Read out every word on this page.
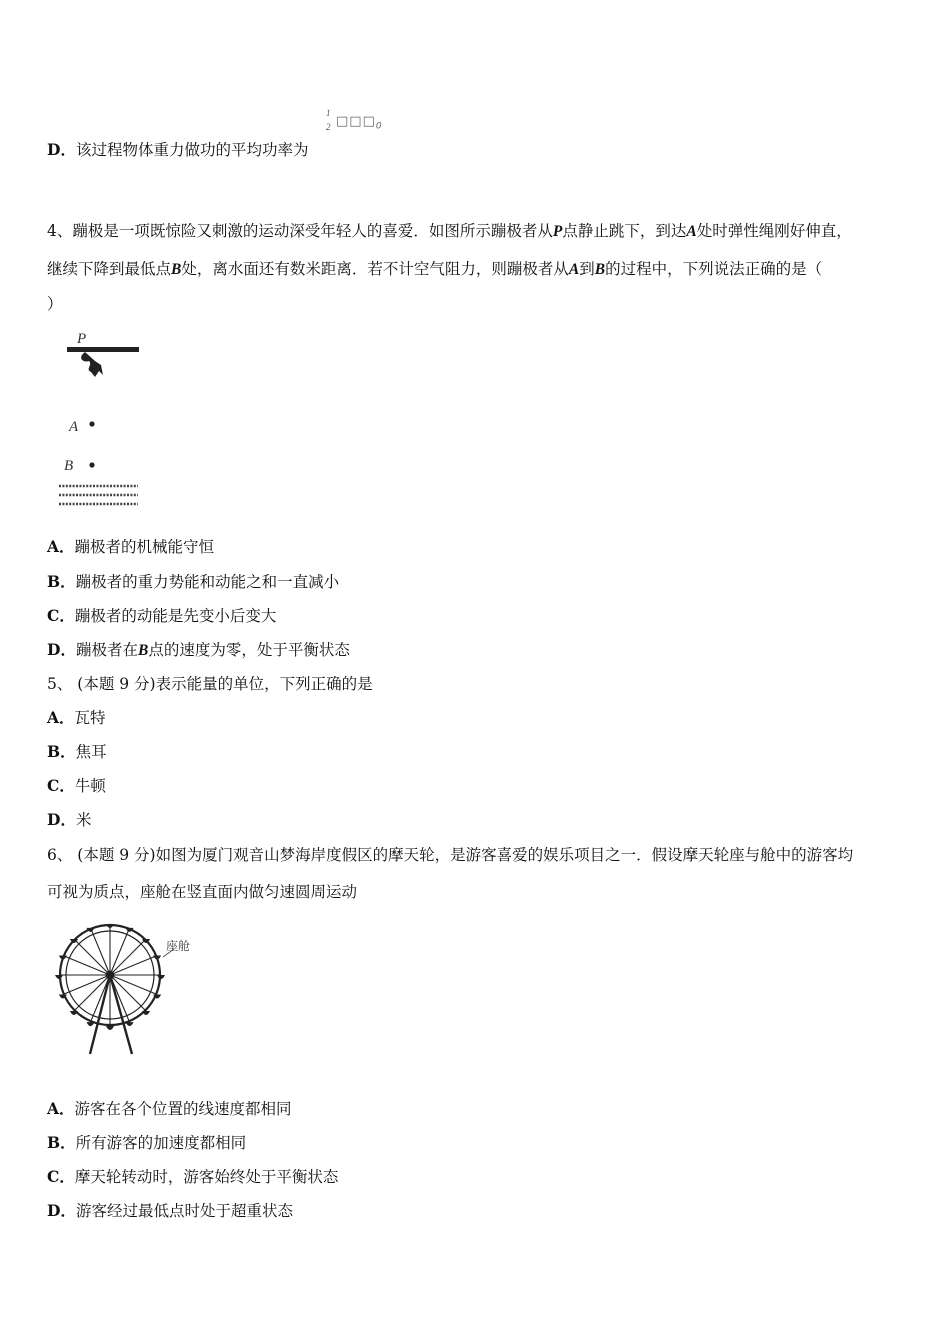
1
2 $□□□_0$
D．该过程物体重力做功的平均功率为
4、蹦极是一项既惊险又刺激的运动深受年轻人的喜爱．如图所示蹦极者从P点静止跳下，到达A处时弹性绳刚好伸直，
继续下降到最低点B处，离水面还有数米距离．若不计空气阻力，则蹦极者从A到B的过程中，下列说法正确的是（
）
P
A
B
A．蹦极者的机械能守恒
B．蹦极者的重力势能和动能之和一直减小
C．蹦极者的动能是先变小后变大
D．蹦极者在B点的速度为零，处于平衡状态
5、 (本题 9 分)表示能量的单位，下列正确的是
A．瓦特
B．焦耳
C．牛顿
D．米
6、 (本题 9 分)如图为厦门观音山梦海岸度假区的摩天轮，是游客喜爱的娱乐项目之一．假设摩天轮座与舱中的游客均
可视为质点，座舱在竖直面内做匀速圆周运动
座舱
A．游客在各个位置的线速度都相同
B．所有游客的加速度都相同
C．摩天轮转动时，游客始终处于平衡状态
D．游客经过最低点时处于超重状态
